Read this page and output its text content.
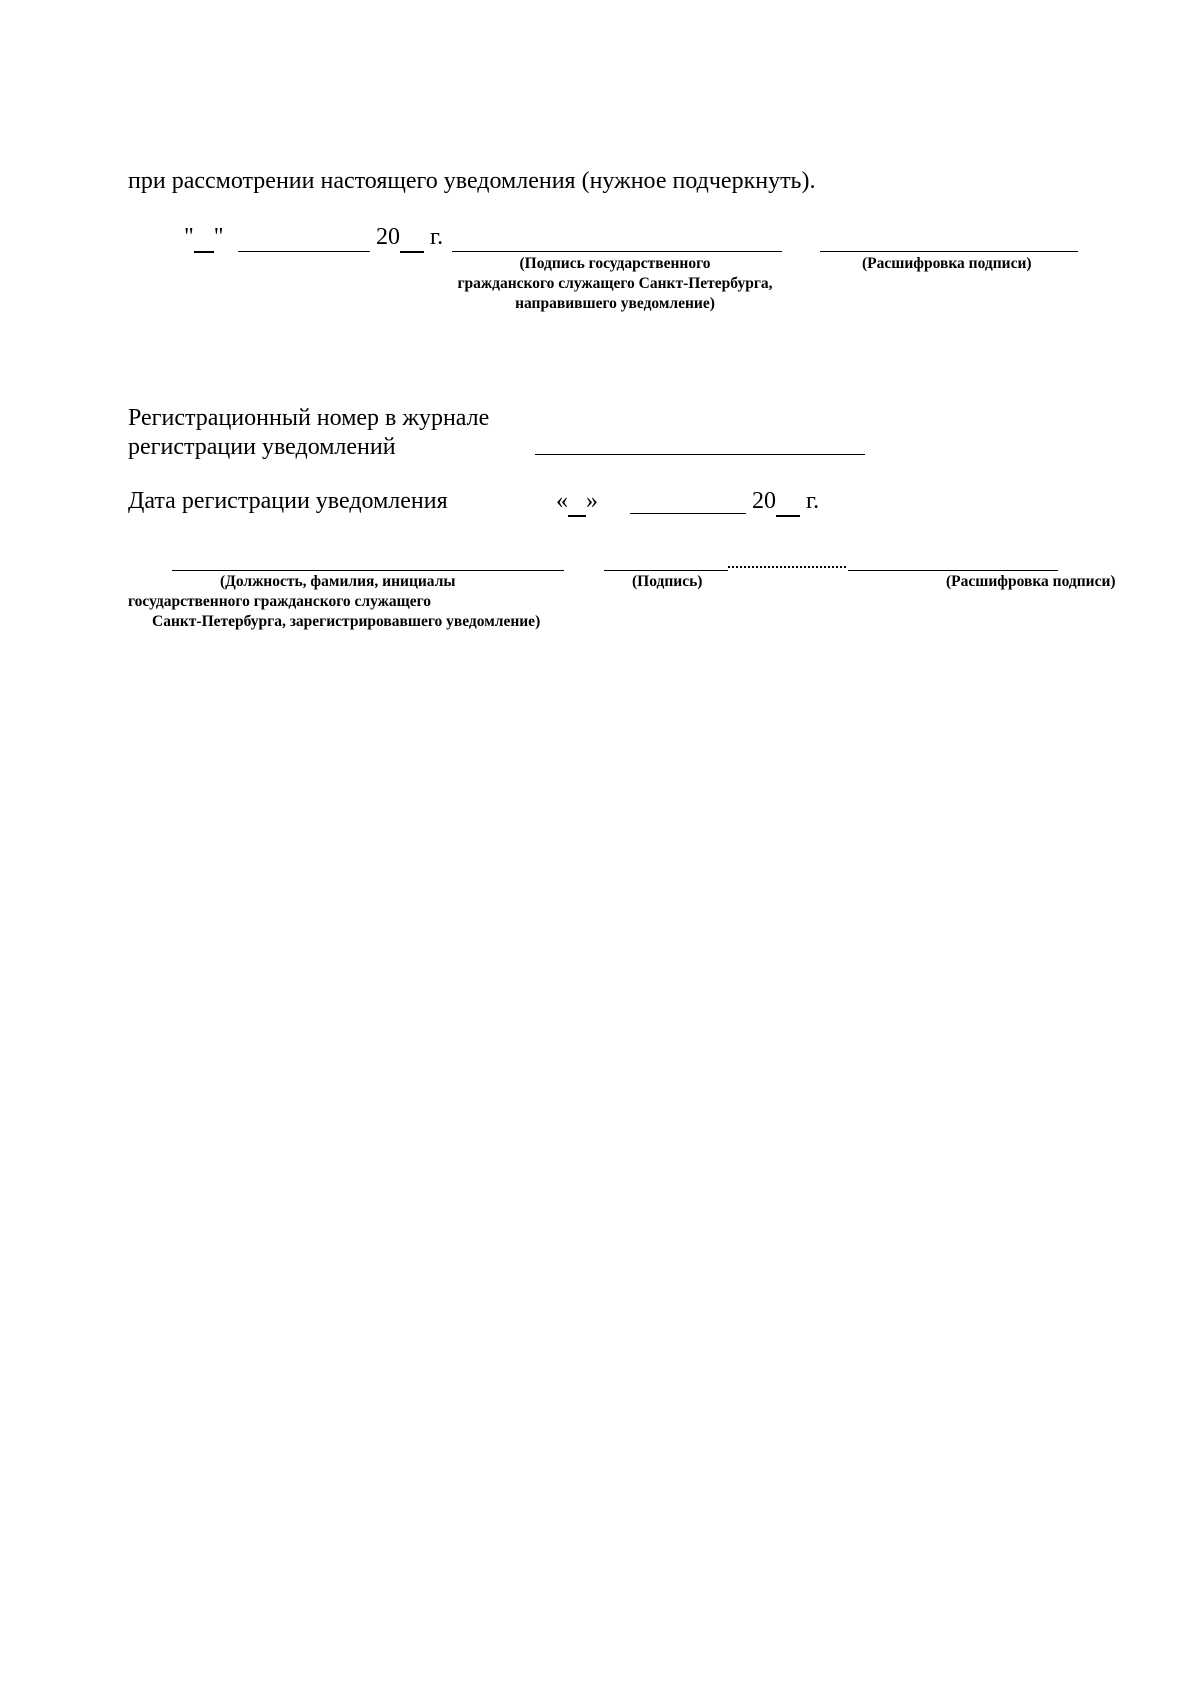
при рассмотрении настоящего уведомления (нужное подчеркнуть).
" "	20 г.
(Подпись государственного
гражданского служащего Санкт-Петербурга,
направившего уведомление)
(Расшифровка подписи)
Регистрационный номер в журнале
регистрации уведомлений
Дата регистрации уведомления	« »	20 г.
(Должность, фамилия, инициалы
государственного гражданского служащего
Санкт-Петербурга, зарегистрировавшего уведомление)
(Подпись)	(Расшифровка подписи)
